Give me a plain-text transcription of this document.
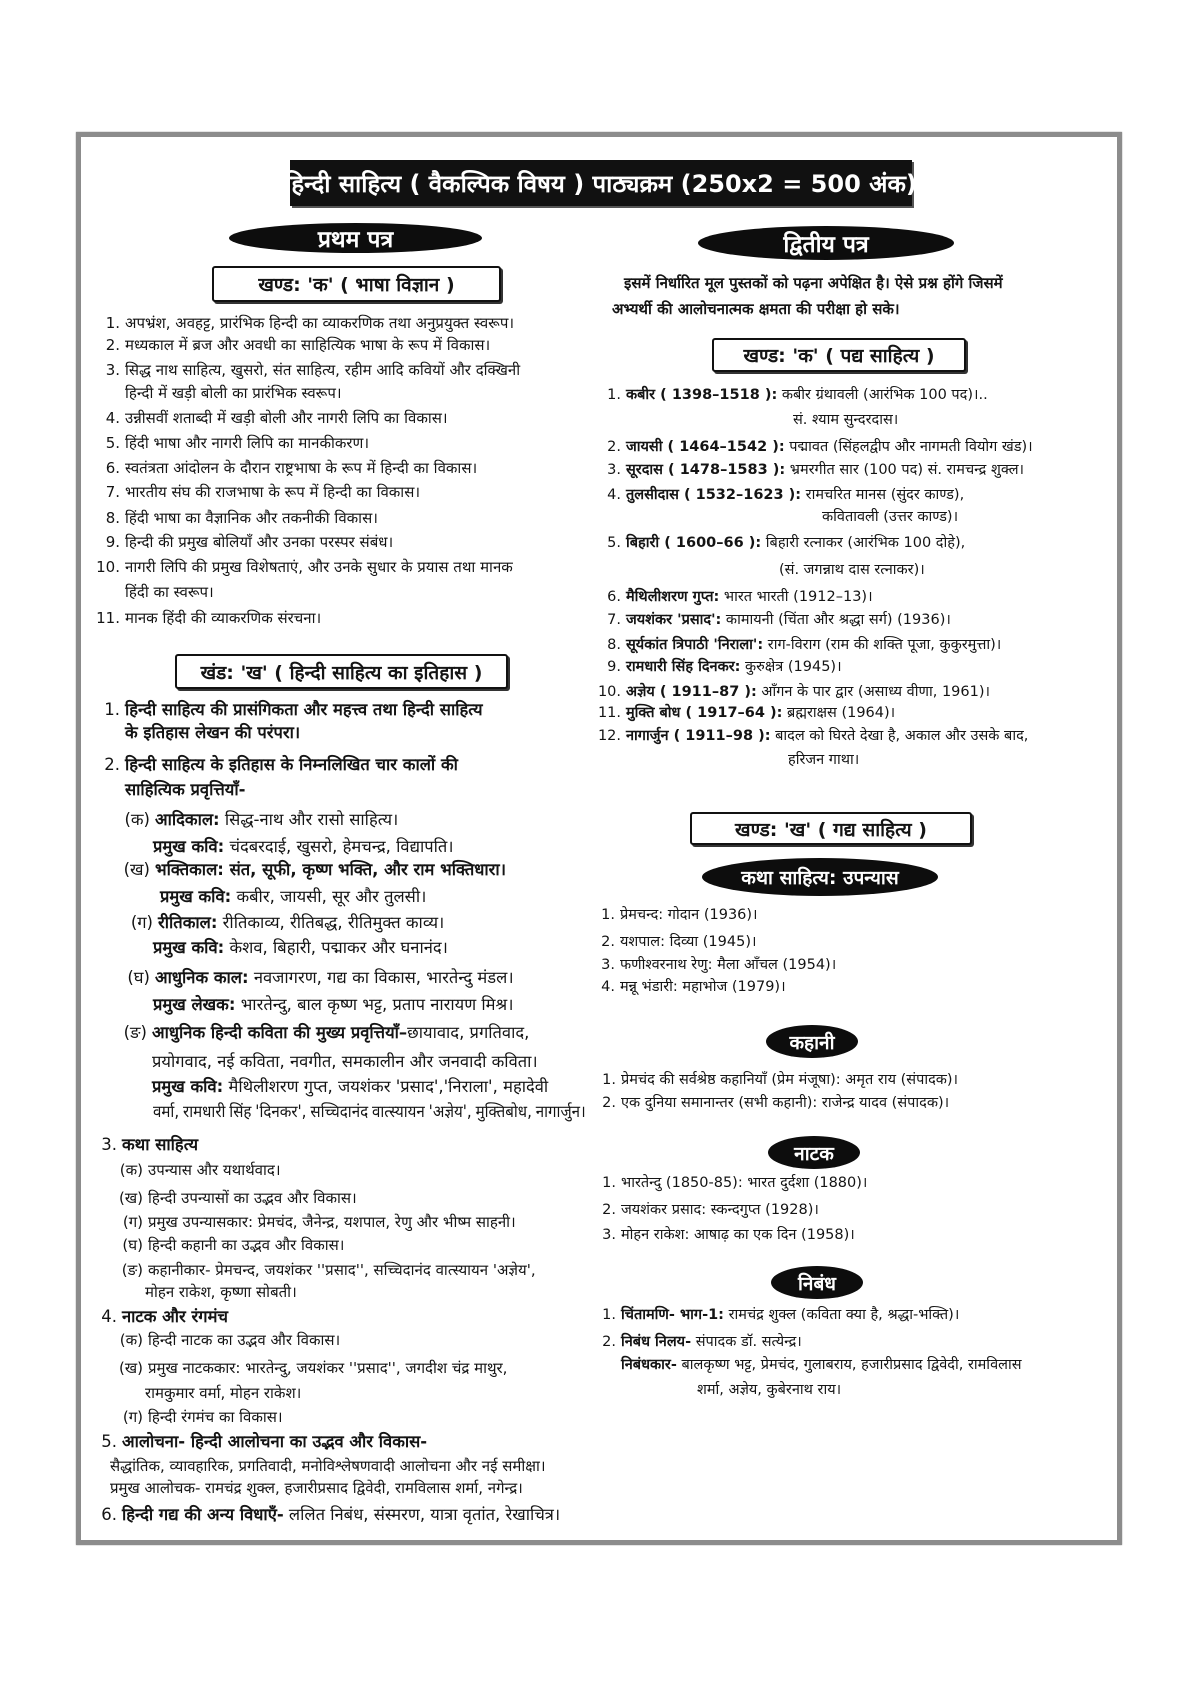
हिन्दी साहित्य ( वैकल्पिक विषय ) पाठ्यक्रम (250x2 = 500 अंक)
प्रथम पत्र	द्वितीय पत्र
खण्ड: 'क' ( भाषा विज्ञान )
खंड: 'ख' ( हिन्दी साहित्य का इतिहास )
इसमें निर्धारित मूल पुस्तकों को पढ़ना अपेक्षित है। ऐसे प्रश्न होंगे जिसमें
अभ्यर्थी की आलोचनात्मक क्षमता की परीक्षा हो सके।
खण्ड: 'क' ( पद्य साहित्य )
खण्ड: 'ख' ( गद्य साहित्य )
कथा साहित्य: उपन्यास
कहानी
नाटक
निबंध
1. अपभ्रंश, अवहट्ट, प्रारंभिक हिन्दी का व्याकरणिक तथा अनुप्रयुक्त स्वरूप।
2. मध्यकाल में ब्रज और अवधी का साहित्यिक भाषा के रूप में विकास।
3. सिद्ध नाथ साहित्य, खुसरो, संत साहित्य, रहीम आदि कवियों और दक्खिनी
हिन्दी में खड़ी बोली का प्रारंभिक स्वरूप।
4. उन्नीसवीं शताब्दी में खड़ी बोली और नागरी लिपि का विकास।
5. हिंदी भाषा और नागरी लिपि का मानकीकरण।
6. स्वतंत्रता आंदोलन के दौरान राष्ट्रभाषा के रूप में हिन्दी का विकास।
7. भारतीय संघ की राजभाषा के रूप में हिन्दी का विकास।
8. हिंदी भाषा का वैज्ञानिक और तकनीकी विकास।
9. हिन्दी की प्रमुख बोलियाँ और उनका परस्पर संबंध।
10. नागरी लिपि की प्रमुख विशेषताएं, और उनके सुधार के प्रयास तथा मानक
हिंदी का स्वरूप।
11. मानक हिंदी की व्याकरणिक संरचना।
1. हिन्दी साहित्य की प्रासंगिकता और महत्त्व तथा हिन्दी साहित्य
के इतिहास लेखन की परंपरा।
2. हिन्दी साहित्य के इतिहास के निम्नलिखित चार कालों की
साहित्यिक प्रवृत्तियाँ-
(क) आदिकाल: सिद्ध-नाथ और रासो साहित्य।
प्रमुख कवि: चंदबरदाई, खुसरो, हेमचन्द्र, विद्यापति।
(ख) भक्तिकाल: संत, सूफी, कृष्ण भक्ति, और राम भक्तिधारा।
प्रमुख कवि: कबीर, जायसी, सूर और तुलसी।
(ग) रीतिकाल: रीतिकाव्य, रीतिबद्ध, रीतिमुक्त काव्य।
प्रमुख कवि: केशव, बिहारी, पद्माकर और घनानंद।
(घ) आधुनिक काल: नवजागरण, गद्य का विकास, भारतेन्दु मंडल।
प्रमुख लेखक: भारतेन्दु, बाल कृष्ण भट्ट, प्रताप नारायण मिश्र।
(ङ) आधुनिक हिन्दी कविता की मुख्य प्रवृत्तियाँ–छायावाद, प्रगतिवाद,
प्रयोगवाद, नई कविता, नवगीत, समकालीन और जनवादी कविता।
प्रमुख कवि: मैथिलीशरण गुप्त, जयशंकर 'प्रसाद','निराला', महादेवी
वर्मा, रामधारी सिंह 'दिनकर', सच्चिदानंद वात्स्यायन 'अज्ञेय', मुक्तिबोध, नागार्जुन।
3. कथा साहित्य
(क) उपन्यास और यथार्थवाद।
(ख) हिन्दी उपन्यासों का उद्भव और विकास।
(ग) प्रमुख उपन्यासकार: प्रेमचंद, जैनेन्द्र, यशपाल, रेणु और भीष्म साहनी।
(घ) हिन्दी कहानी का उद्भव और विकास।
(ङ) कहानीकार- प्रेमचन्द, जयशंकर ''प्रसाद'', सच्चिदानंद वात्स्यायन 'अज्ञेय',
मोहन राकेश, कृष्णा सोबती।
4. नाटक और रंगमंच
(क) हिन्दी नाटक का उद्भव और विकास।
(ख) प्रमुख नाटककार: भारतेन्दु, जयशंकर ''प्रसाद'', जगदीश चंद्र माथुर,
रामकुमार वर्मा, मोहन राकेश।
(ग) हिन्दी रंगमंच का विकास।
5. आलोचना- हिन्दी आलोचना का उद्भव और विकास-
सैद्धांतिक, व्यावहारिक, प्रगतिवादी, मनोविश्लेषणवादी आलोचना और नई समीक्षा।
प्रमुख आलोचक- रामचंद्र शुक्ल, हजारीप्रसाद द्विवेदी, रामविलास शर्मा, नगेन्द्र।
6. हिन्दी गद्य की अन्य विधाएँ- ललित निबंध, संस्मरण, यात्रा वृतांत, रेखाचित्र।
1. कबीर ( 1398–1518 ): कबीर ग्रंथावली (आरंभिक 100 पद)।..
सं. श्याम सुन्दरदास।
2. जायसी ( 1464–1542 ): पद्मावत (सिंहलद्वीप और नागमती वियोग खंड)।
3. सूरदास ( 1478–1583 ): भ्रमरगीत सार (100 पद) सं. रामचन्द्र शुक्ल।
4. तुलसीदास ( 1532–1623 ): रामचरित मानस (सुंदर काण्ड),
कवितावली (उत्तर काण्ड)।
5. बिहारी ( 1600–66 ): बिहारी रत्नाकर (आरंभिक 100 दोहे),
(सं. जगन्नाथ दास रत्नाकर)।
6. मैथिलीशरण गुप्त: भारत भारती (1912–13)।
7. जयशंकर 'प्रसाद': कामायनी (चिंता और श्रद्धा सर्ग) (1936)।
8. सूर्यकांत त्रिपाठी 'निराला': राग-विराग (राम की शक्ति पूजा, कुकुरमुत्ता)।
9. रामधारी सिंह दिनकर: कुरुक्षेत्र (1945)।
10. अज्ञेय ( 1911–87 ): आँगन के पार द्वार (असाध्य वीणा, 1961)।
11. मुक्ति बोध ( 1917–64 ): ब्रह्मराक्षस (1964)।
12. नागार्जुन ( 1911–98 ): बादल को घिरते देखा है, अकाल और उसके बाद,
हरिजन गाथा।
1. प्रेमचन्द: गोदान (1936)।
2. यशपाल: दिव्या (1945)।
3. फणीश्वरनाथ रेणु: मैला आँचल (1954)।
4. मन्नू भंडारी: महाभोज (1979)।
1. प्रेमचंद की सर्वश्रेष्ठ कहानियाँ (प्रेम मंजूषा): अमृत राय (संपादक)।
2. एक दुनिया समानान्तर (सभी कहानी): राजेन्द्र यादव (संपादक)।
1. भारतेन्दु (1850-85): भारत दुर्दशा (1880)।
2. जयशंकर प्रसाद: स्कन्दगुप्त (1928)।
3. मोहन राकेश: आषाढ़ का एक दिन (1958)।
1. चिंतामणि- भाग-1: रामचंद्र शुक्ल (कविता क्या है, श्रद्धा-भक्ति)।
2. निबंध निलय- संपादक डॉ. सत्येन्द्र।
निबंधकार- बालकृष्ण भट्ट, प्रेमचंद, गुलाबराय, हजारीप्रसाद द्विवेदी, रामविलास
शर्मा, अज्ञेय, कुबेरनाथ राय।
